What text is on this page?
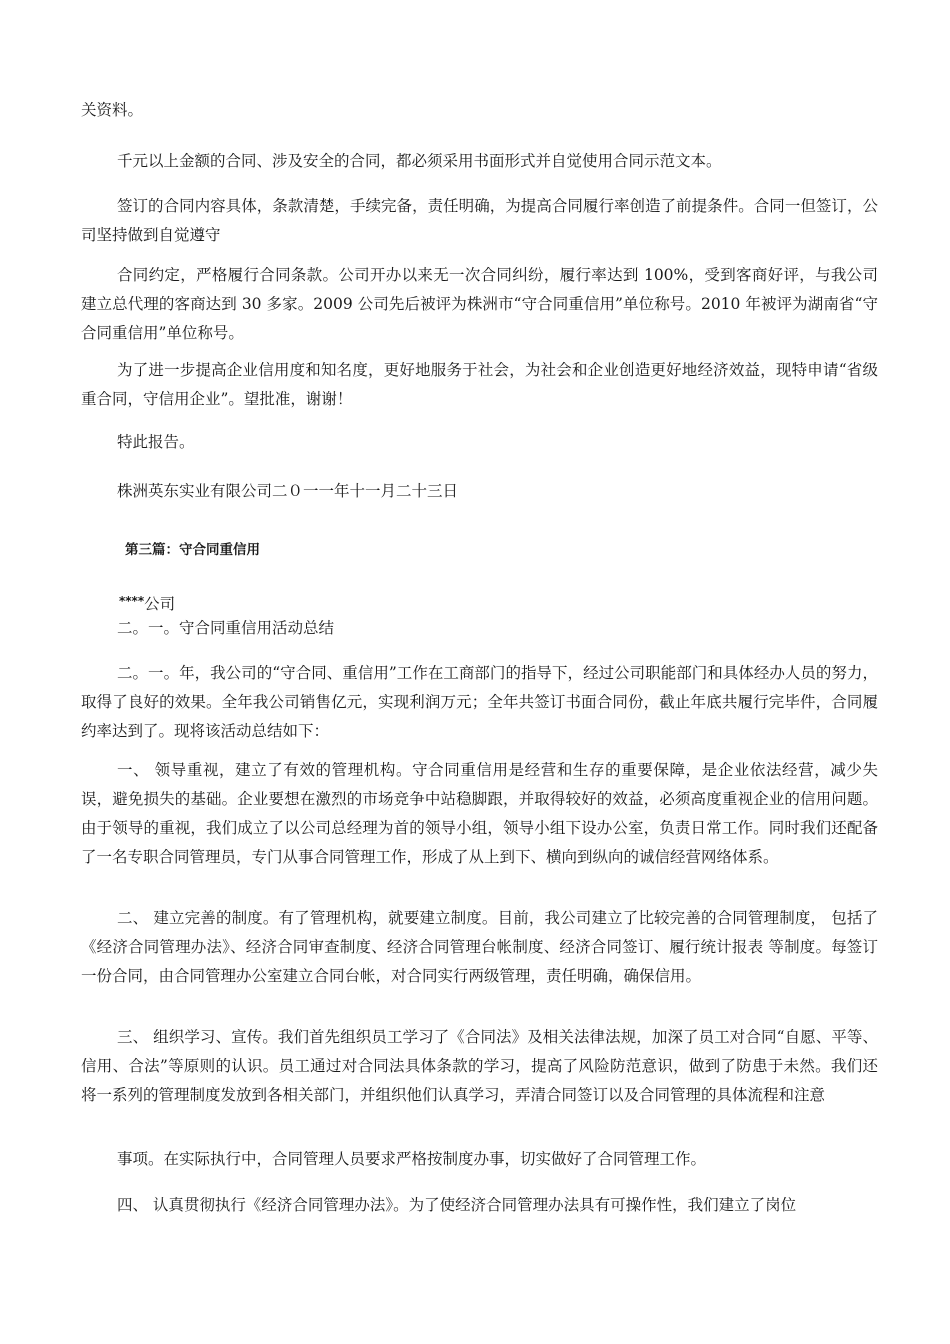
关资料。

千元以上金额的合同、涉及安全的合同，都必须采用书面形式并自觉使用合同示范文本。

签订的合同内容具体，条款清楚，手续完备，责任明确，为提高合同履行率创造了前提条件。合同一但签订，公司坚持做到自觉遵守

合同约定，严格履行合同条款。公司开办以来无一次合同纠纷，履行率达到 100%，受到客商好评，与我公司建立总代理的客商达到 30 多家。2009 公司先后被评为株洲市“守合同重信用”单位称号。2010 年被评为湖南省“守合同重信用”单位称号。

为了进一步提高企业信用度和知名度，更好地服务于社会，为社会和企业创造更好地经济效益，现特申请“省级重合同，守信用企业”。望批准，谢谢！

特此报告。

株洲英东实业有限公司二０一一年十一月二十三日

第三篇：守合同重信用

****公司

二。一。守合同重信用活动总结

二。一。年，我公司的“守合同、重信用”工作在工商部门的指导下，经过公司职能部门和具体经办人员的努力，取得了良好的效果。全年我公司销售亿元，实现利润万元；全年共签订书面合同份，截止年底共履行完毕件，合同履约率达到了。现将该活动总结如下：

一、 领导重视，建立了有效的管理机构。守合同重信用是经营和生存的重要保障，是企业依法经营，减少失误，避免损失的基础。企业要想在激烈的市场竞争中站稳脚跟，并取得较好的效益，必须高度重视企业的信用问题。由于领导的重视，我们成立了以公司总经理为首的领导小组，领导小组下设办公室，负责日常工作。同时我们还配备了一名专职合同管理员，专门从事合同管理工作，形成了从上到下、横向到纵向的诚信经营网络体系。

二、 建立完善的制度。有了管理机构，就要建立制度。目前，我公司建立了比较完善的合同管理制度， 包括了《经济合同管理办法》、经济合同审查制度、经济合同管理台帐制度、经济合同签订、履行统计报表 等制度。每签订一份合同，由合同管理办公室建立合同台帐，对合同实行两级管理，责任明确，确保信用。

三、 组织学习、宣传。我们首先组织员工学习了《合同法》及相关法律法规，加深了员工对合同“自愿、平等、信用、合法”等原则的认识。员工通过对合同法具体条款的学习，提高了风险防范意识，做到了防患于未然。我们还将一系列的管理制度发放到各相关部门，并组织他们认真学习，弄清合同签订以及合同管理的具体流程和注意

事项。在实际执行中，合同管理人员要求严格按制度办事，切实做好了合同管理工作。

四、 认真贯彻执行《经济合同管理办法》。为了使经济合同管理办法具有可操作性，我们建立了岗位
